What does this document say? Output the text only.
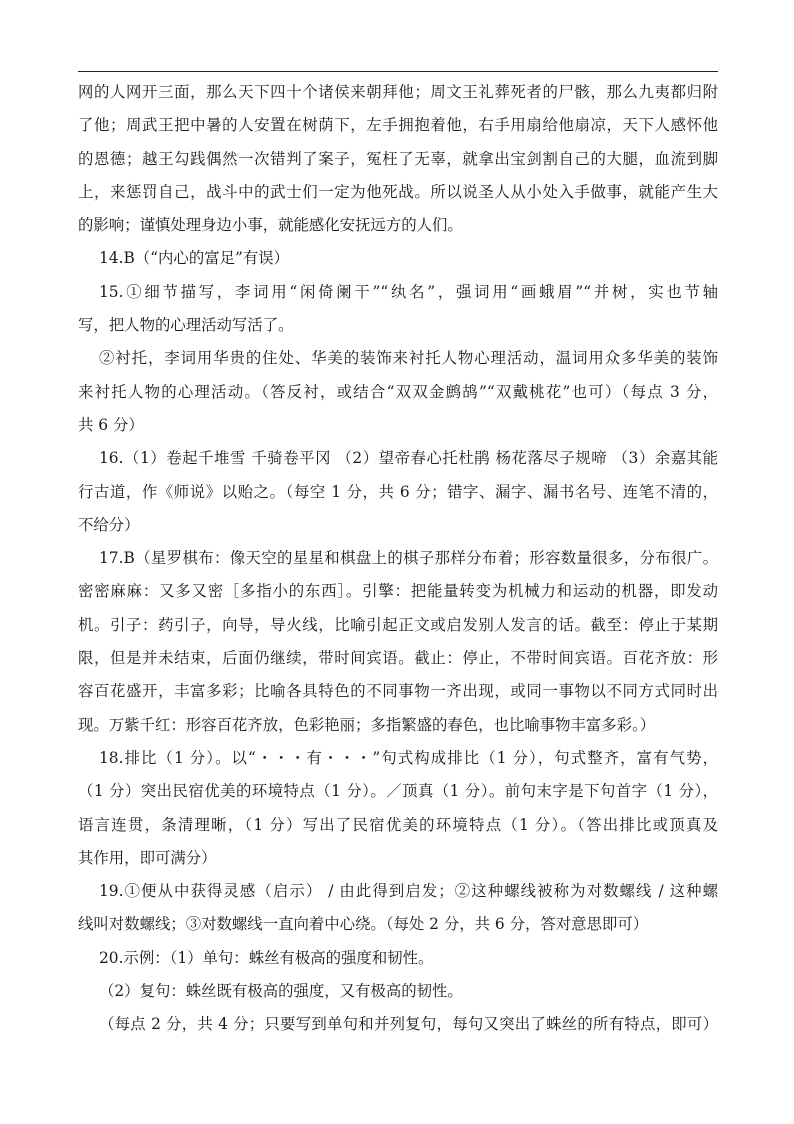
网的人网开三面，那么天下四十个诸侯来朝拜他；周文王礼葬死者的尸骸，那么九夷都归附
了他；周武王把中暑的人安置在树荫下，左手拥抱着他，右手用扇给他扇凉，天下人感怀他
的恩德；越王勾践偶然一次错判了案子，冤枉了无辜，就拿出宝剑割自己的大腿，血流到脚
上，来惩罚自己，战斗中的武士们一定为他死战。所以说圣人从小处入手做事，就能产生大
的影响；谨慎处理身边小事，就能感化安抚远方的人们。
14.B（“内心的富足”有误）
15.①细节描写，李词用“闲倚阑干”“纨名”，强词用“画蛾眉”“并树，实也节轴
写，把人物的心理活动写活了。
②衬托，李词用华贵的住处、华美的装饰来衬托人物心理活动，温词用众多华美的装饰
来衬托人物的心理活动。（答反衬，或结合“双双金鹧鸪”“双戴桃花”也可）（每点 3 分，
共 6 分）
16.（1）卷起千堆雪 千骑卷平冈 （2）望帝春心托杜鹃 杨花落尽子规啼 （3）余嘉其能
行古道，作《师说》以贻之。（每空 1 分，共 6 分；错字、漏字、漏书名号、连笔不清的，
不给分）
17.B（星罗棋布：像天空的星星和棋盘上的棋子那样分布着；形容数量很多，分布很广。
密密麻麻：又多又密［多指小的东西］。引擎：把能量转变为机械力和运动的机器，即发动
机。引子：药引子，向导，导火线，比喻引起正文或启发别人发言的话。截至：停止于某期
限，但是并未结束，后面仍继续，带时间宾语。截止：停止，不带时间宾语。百花齐放：形
容百花盛开，丰富多彩；比喻各具特色的不同事物一齐出现，或同一事物以不同方式同时出
现。万紫千红：形容百花齐放，色彩艳丽；多指繁盛的春色，也比喻事物丰富多彩。）
18.排比（1 分）。以“・・・有・・・”句式构成排比（1 分），句式整齐，富有气势，
（1 分）突出民宿优美的环境特点（1 分）。／顶真（1 分）。前句末字是下句首字（1 分），
语言连贯，条清理晰，（1 分）写出了民宿优美的环境特点（1 分）。（答出排比或顶真及
其作用，即可满分）
19.①便从中获得灵感（启示） / 由此得到启发；②这种螺线被称为对数螺线 / 这种螺
线叫对数螺线；③对数螺线一直向着中心绕。（每处 2 分，共 6 分，答对意思即可）
20.示例：（1）单句：蛛丝有极高的强度和韧性。
（2）复句：蛛丝既有极高的强度，又有极高的韧性。
（每点 2 分，共 4 分；只要写到单句和并列复句，每句又突出了蛛丝的所有特点，即可）
